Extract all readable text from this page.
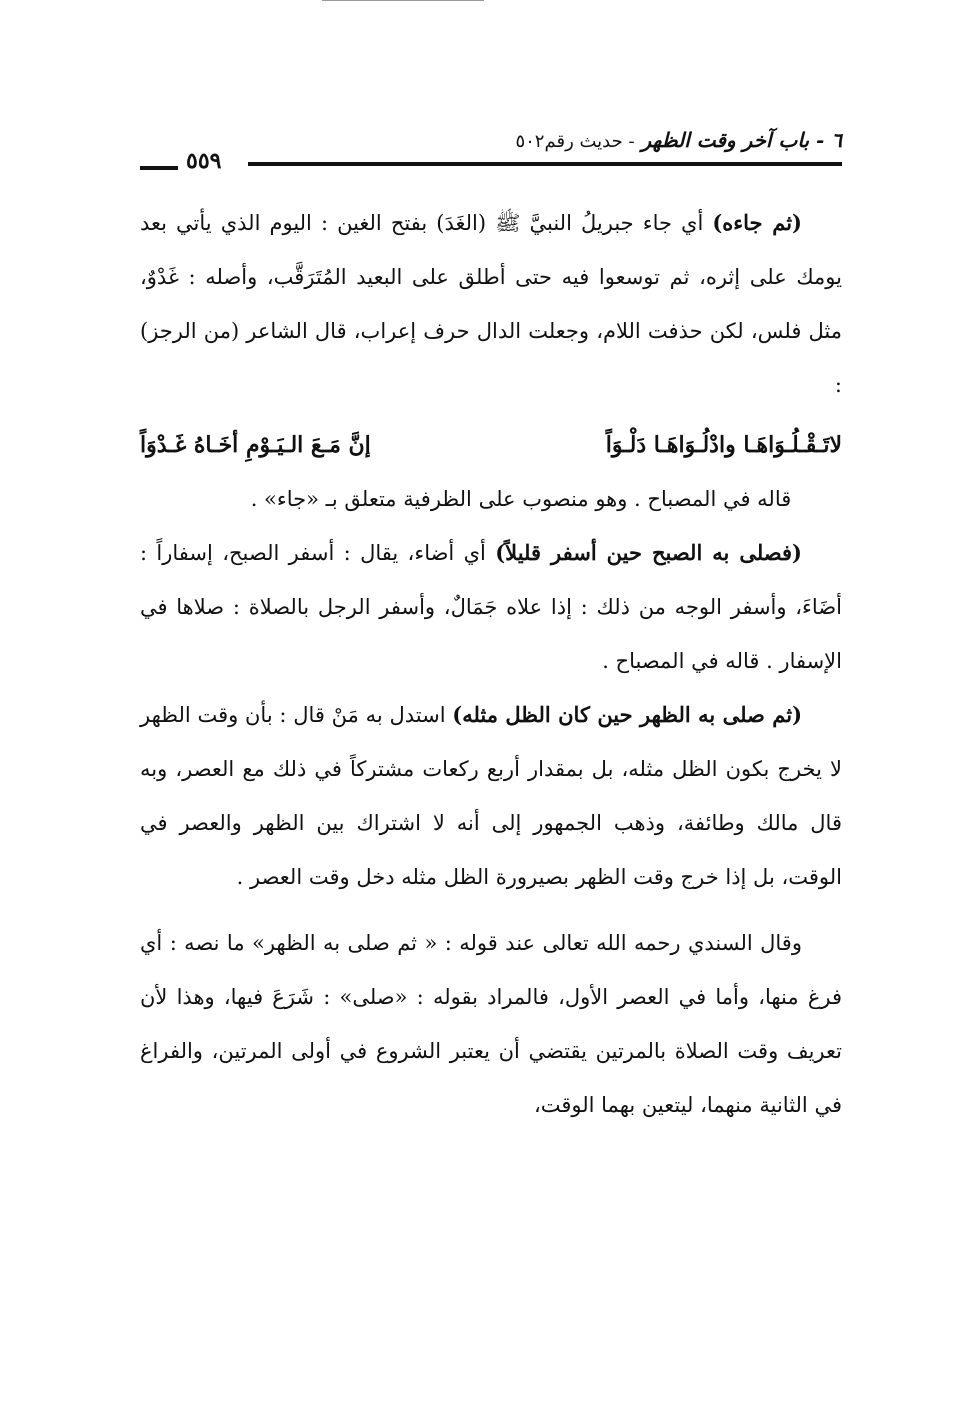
٦ - باب آخر وقت الظهر - حديث رقم٥٠٢
٥٥٩

(ثم جاءه) أي جاء جبريلُ النبيَّ ﷺ (الغَدَ) بفتح الغين : اليوم الذي يأتي بعد يومك على إثره، ثم توسعوا فيه حتى أطلق على البعيد المُتَرَقَّب، وأصله : غَدْوٌ، مثل فلس، لكن حذفت اللام، وجعلت الدال حرف إعراب، قال الشاعر (من الرجز) :

لاتَـقْـلُـوَاهَـا وادْلُـوَاهَـا دَلْـوَاً
إنَّ مَـعَ الـيَـوْمِ أخَـاهُ غَـدْوَاً

قاله في المصباح . وهو منصوب على الظرفية متعلق بـ «جاء» .

(فصلى به الصبح حين أسفر قليلاً) أي أضاء، يقال : أسفر الصبح، إسفاراً : أضَاءَ، وأسفر الوجه من ذلك : إذا علاه جَمَالٌ، وأسفر الرجل بالصلاة : صلاها في الإسفار . قاله في المصباح .

(ثم صلى به الظهر حين كان الظل مثله) استدل به مَنْ قال : بأن وقت الظهر لا يخرج بكون الظل مثله، بل بمقدار أربع ركعات مشتركاً في ذلك مع العصر، وبه قال مالك وطائفة، وذهب الجمهور إلى أنه لا اشتراك بين الظهر والعصر في الوقت، بل إذا خرج وقت الظهر بصيرورة الظل مثله دخل وقت العصر .

وقال السندي رحمه الله تعالى عند قوله : « ثم صلى به الظهر» ما نصه : أي فرغ منها، وأما في العصر الأول، فالمراد بقوله : «صلى» : شَرَعَ فيها، وهذا لأن تعريف وقت الصلاة بالمرتين يقتضي أن يعتبر الشروع في أولى المرتين، والفراغ في الثانية منهما، ليتعين بهما الوقت،
